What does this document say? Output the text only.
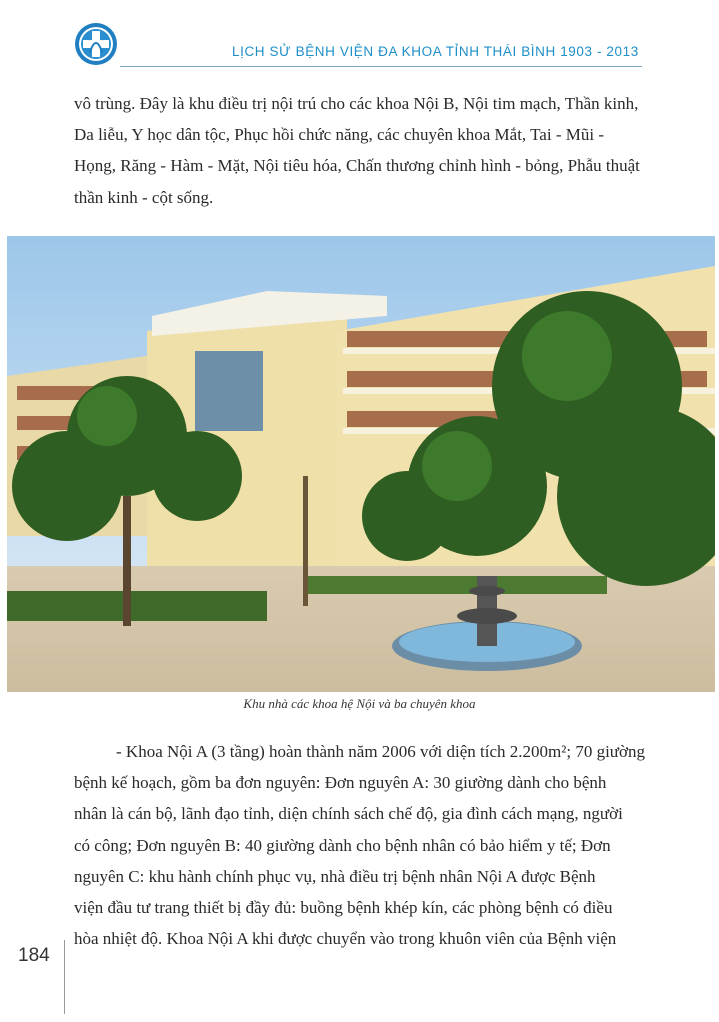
LỊCH SỬ BỆNH VIỆN ĐA KHOA TỈNH THÁI BÌNH 1903 - 2013

vô trùng. Đây là khu điều trị nội trú cho các khoa Nội B, Nội tim mạch, Thần kinh,
Da liễu, Y học dân tộc, Phục hồi chức năng, các chuyên khoa Mắt, Tai - Mũi -
Họng, Răng - Hàm - Mặt, Nội tiêu hóa, Chấn thương chỉnh hình - bỏng, Phẫu thuật
thần kinh - cột sống.

Khu nhà các khoa hệ Nội và ba chuyên khoa

- Khoa Nội A (3 tầng) hoàn thành năm 2006 với diện tích 2.200m²; 70 giường
bệnh kế hoạch, gồm ba đơn nguyên: Đơn nguyên A: 30 giường dành cho bệnh
nhân là cán bộ, lãnh đạo tỉnh, diện chính sách chế độ, gia đình cách mạng, người
có công; Đơn nguyên B: 40 giường dành cho bệnh nhân có bảo hiểm y tế; Đơn
nguyên C: khu hành chính phục vụ, nhà điều trị bệnh nhân Nội A được Bệnh
viện đầu tư trang thiết bị đầy đủ: buồng bệnh khép kín, các phòng bệnh có điều
hòa nhiệt độ. Khoa Nội A khi được chuyển vào trong khuôn viên của Bệnh viện

184
